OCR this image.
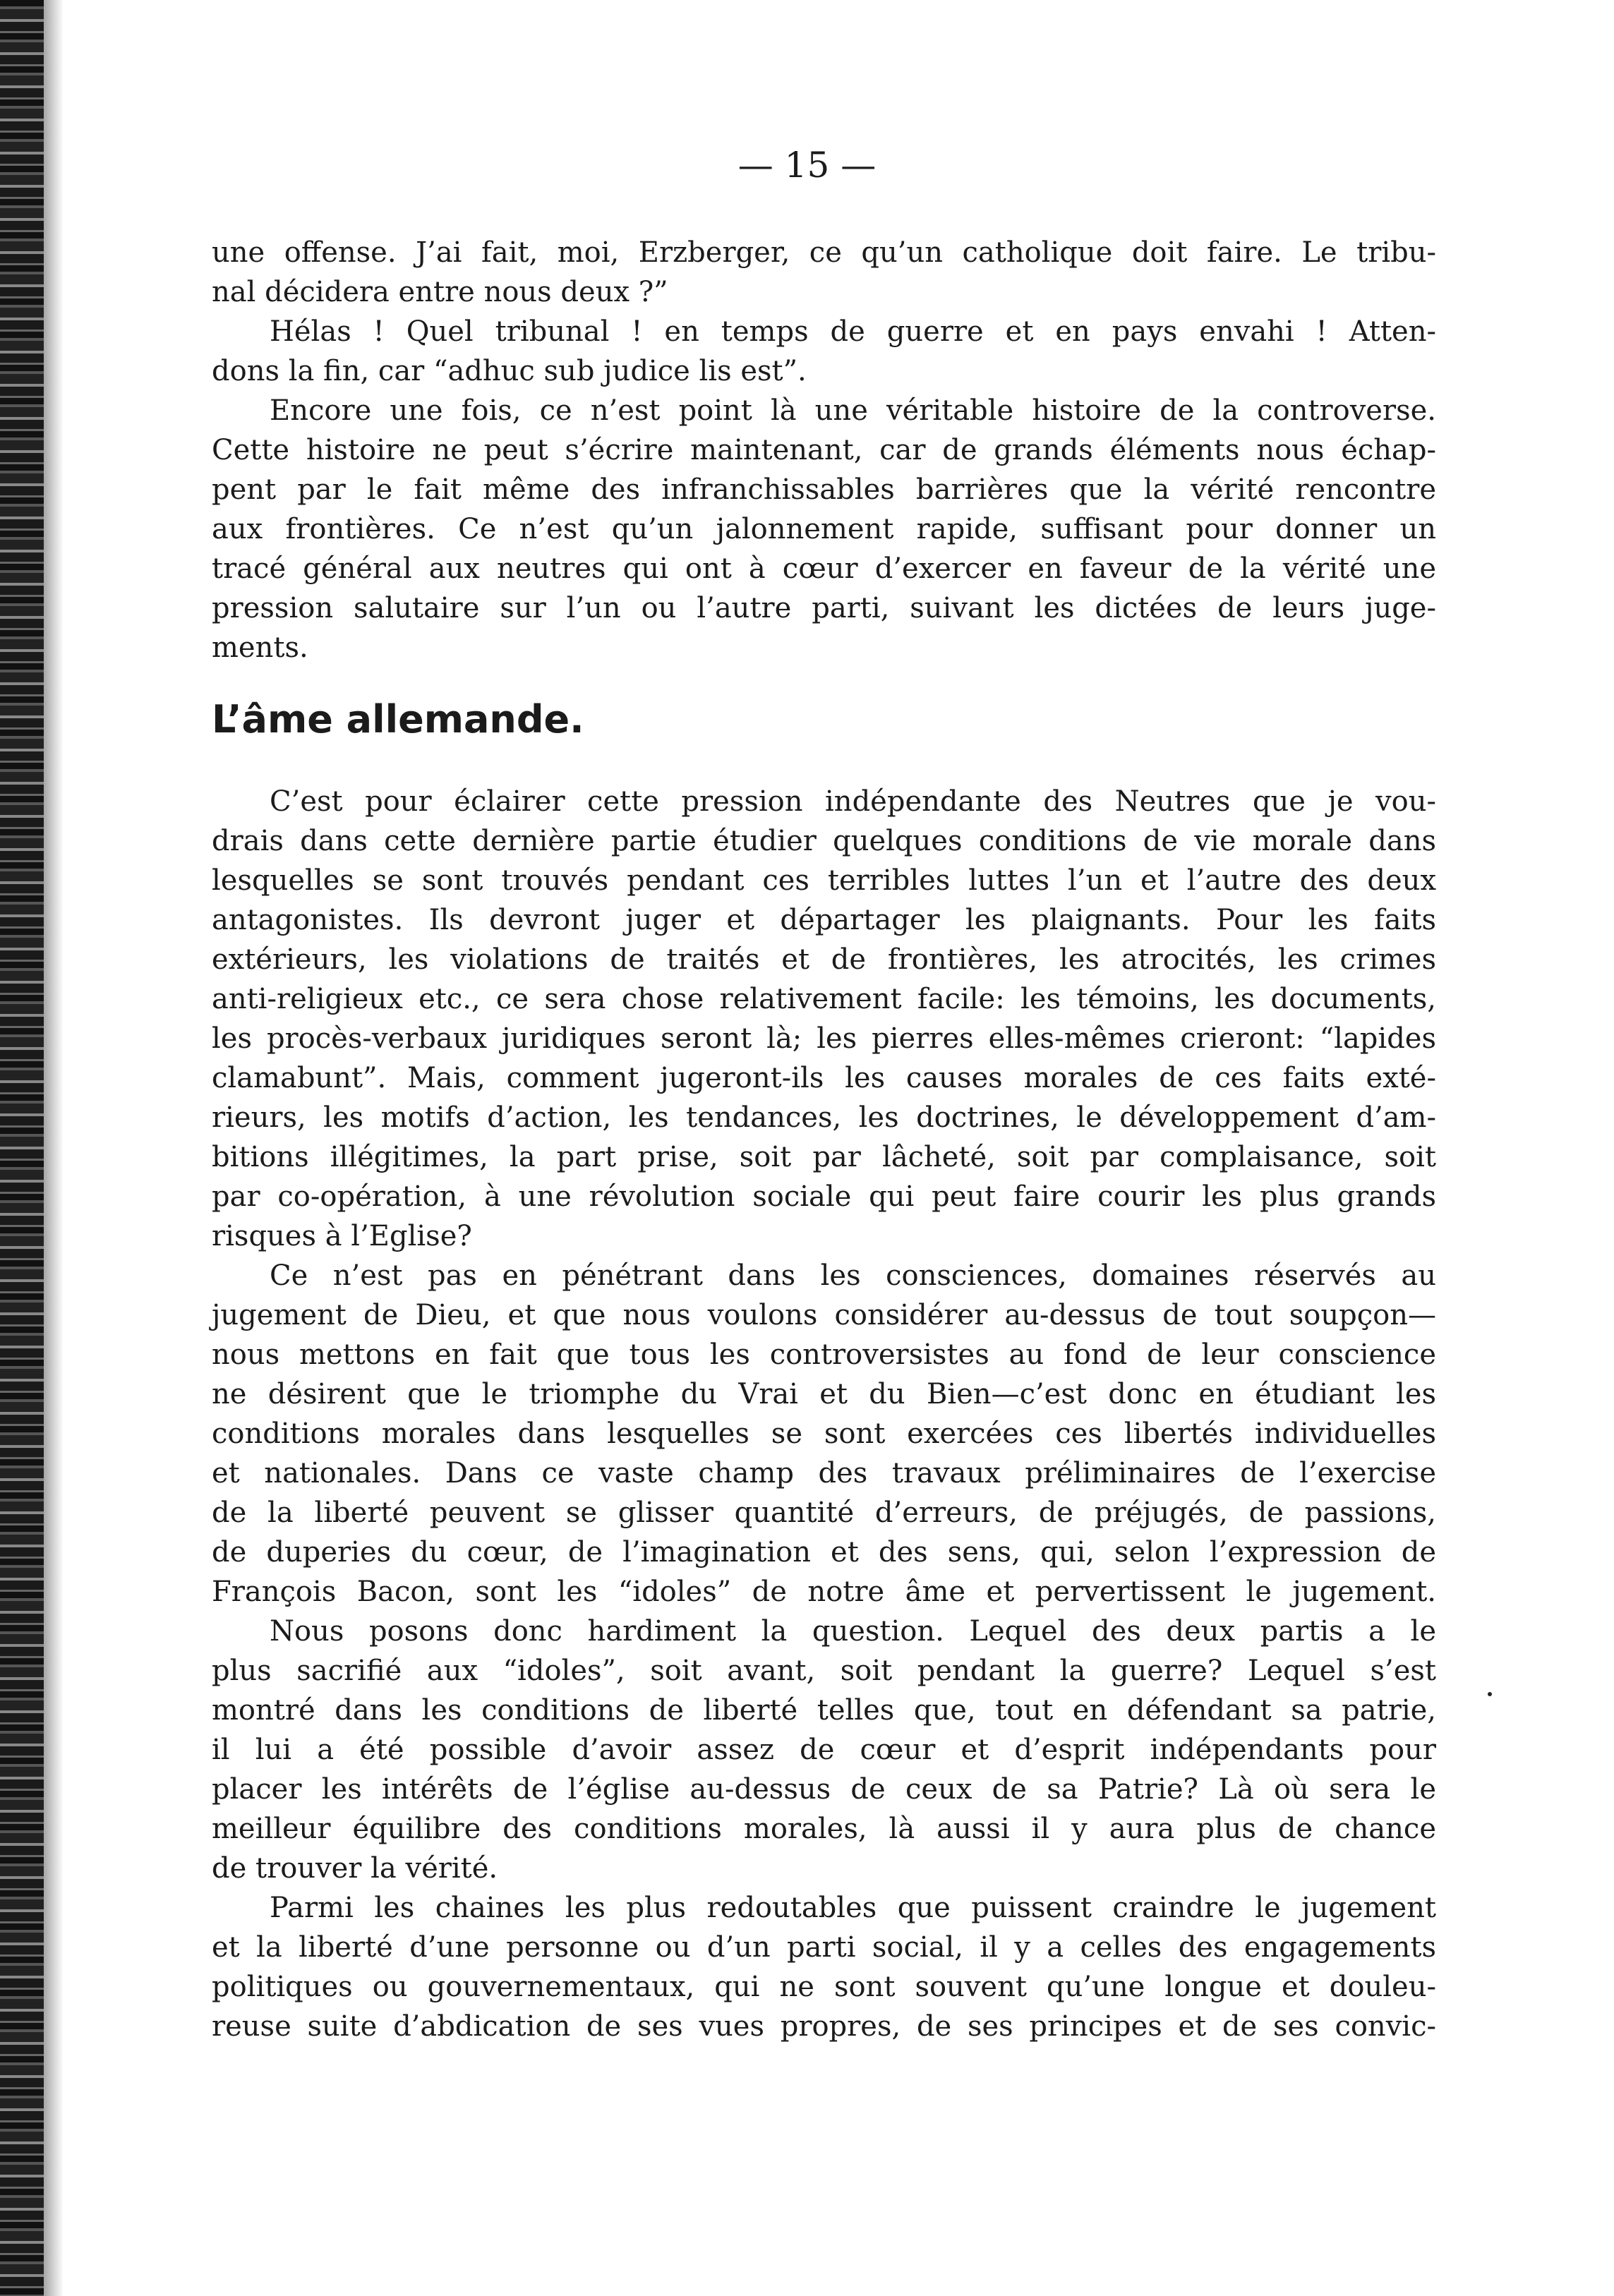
— 15 —
une offense. J’ai fait, moi, Erzberger, ce qu’un catholique doit faire. Le tribu-
nal décidera entre nous deux ?”
Hélas ! Quel tribunal ! en temps de guerre et en pays envahi ! Atten-
dons la fin, car “adhuc sub judice lis est”.
Encore une fois, ce n’est point là une véritable histoire de la controverse.
Cette histoire ne peut s’écrire maintenant, car de grands éléments nous échap-
pent par le fait même des infranchissables barrières que la vérité rencontre
aux frontières. Ce n’est qu’un jalonnement rapide, suffisant pour donner un
tracé général aux neutres qui ont à cœur d’exercer en faveur de la vérité une
pression salutaire sur l’un ou l’autre parti, suivant les dictées de leurs juge-
ments.
L’âme allemande.
C’est pour éclairer cette pression indépendante des Neutres que je vou-
drais dans cette dernière partie étudier quelques conditions de vie morale dans
lesquelles se sont trouvés pendant ces terribles luttes l’un et l’autre des deux
antagonistes. Ils devront juger et départager les plaignants. Pour les faits
extérieurs, les violations de traités et de frontières, les atrocités, les crimes
anti-religieux etc., ce sera chose relativement facile: les témoins, les documents,
les procès-verbaux juridiques seront là; les pierres elles-mêmes crieront: “lapides
clamabunt”. Mais, comment jugeront-ils les causes morales de ces faits exté-
rieurs, les motifs d’action, les tendances, les doctrines, le développement d’am-
bitions illégitimes, la part prise, soit par lâcheté, soit par complaisance, soit
par co-opération, à une révolution sociale qui peut faire courir les plus grands
risques à l’Eglise?
Ce n’est pas en pénétrant dans les consciences, domaines réservés au
jugement de Dieu, et que nous voulons considérer au-dessus de tout soupçon—
nous mettons en fait que tous les controversistes au fond de leur conscience
ne désirent que le triomphe du Vrai et du Bien—c’est donc en étudiant les
conditions morales dans lesquelles se sont exercées ces libertés individuelles
et nationales. Dans ce vaste champ des travaux préliminaires de l’exercise
de la liberté peuvent se glisser quantité d’erreurs, de préjugés, de passions,
de duperies du cœur, de l’imagination et des sens, qui, selon l’expression de
François Bacon, sont les “idoles” de notre âme et pervertissent le jugement.
Nous posons donc hardiment la question. Lequel des deux partis a le
plus sacrifié aux “idoles”, soit avant, soit pendant la guerre? Lequel s’est
montré dans les conditions de liberté telles que, tout en défendant sa patrie,
il lui a été possible d’avoir assez de cœur et d’esprit indépendants pour
placer les intérêts de l’église au-dessus de ceux de sa Patrie? Là où sera le
meilleur équilibre des conditions morales, là aussi il y aura plus de chance
de trouver la vérité.
Parmi les chaines les plus redoutables que puissent craindre le jugement
et la liberté d’une personne ou d’un parti social, il y a celles des engagements
politiques ou gouvernementaux, qui ne sont souvent qu’une longue et douleu-
reuse suite d’abdication de ses vues propres, de ses principes et de ses convic-
